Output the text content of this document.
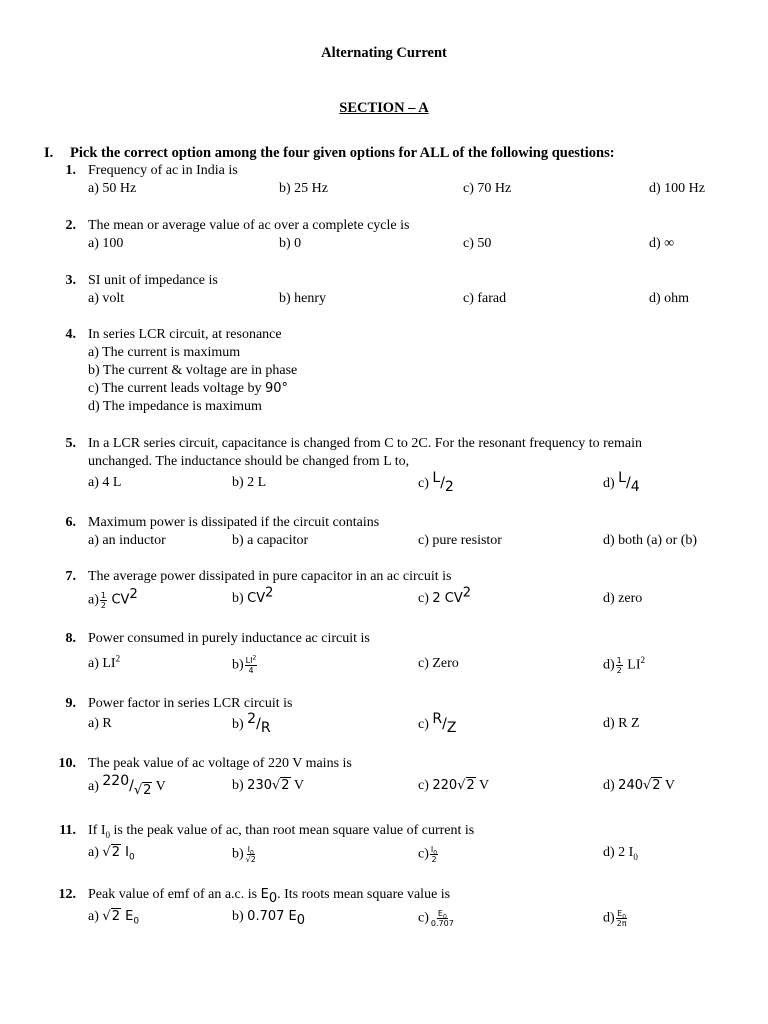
Alternating Current
SECTION – A
I. Pick the correct option among the four given options for ALL of the following questions:
1. Frequency of ac in India is
a) 50 Hz	b) 25 Hz	c) 70 Hz	d) 100 Hz
2. The mean or average value of ac over a complete cycle is
a) 100	b) 0	c) 50	d) ∞
3. SI unit of impedance is
a) volt	b) henry	c) farad	d) ohm
4. In series LCR circuit, at resonance
a) The current is maximum
b) The current & voltage are in phase
c) The current leads voltage by 90°
d) The impedance is maximum
5. In a LCR series circuit, capacitance is changed from C to 2C. For the resonant frequency to remain
unchanged. The inductance should be changed from L to,
a) 4 L	b) 2 L	c) L/2	d) L/4
6. Maximum power is dissipated if the circuit contains
a) an inductor	b) a capacitor	c) pure resistor	d) both (a) or (b)
7. The average power dissipated in pure capacitor in an ac circuit is
$a) \frac{1}{2} CV^2$	b) $CV^2$	c) 2 $CV^2$	d) zero
8. Power consumed in purely inductance ac circuit is
a) $LI^2$	$b) \frac{LI^2}{4}$	c) Zero	$d) \frac{1}{2} LI^2$
9. Power factor in series LCR circuit is
a) R	b) 2/R	c) R/Z	d) R Z
10. The peak value of ac voltage of 220 V mains is
a) 220/√2 V	b) 230√2 V	c) 220√2 V	d) 240√2 V
11. If $I_0$ is the peak value of ac, than root mean square value of current is
a) √2 $I_0$	$b) \frac{I_0}{√2}$	$c) \frac{I_0}{2}$	d) 2 $I_0$
12. Peak value of emf of an a.c. is $E_0$. Its roots mean square value is
a) √2 $E_0$	b) 0.707 $E_0$	$c) \frac{E_0}{0.707}$	$d) \frac{E_0}{2\pi}$
